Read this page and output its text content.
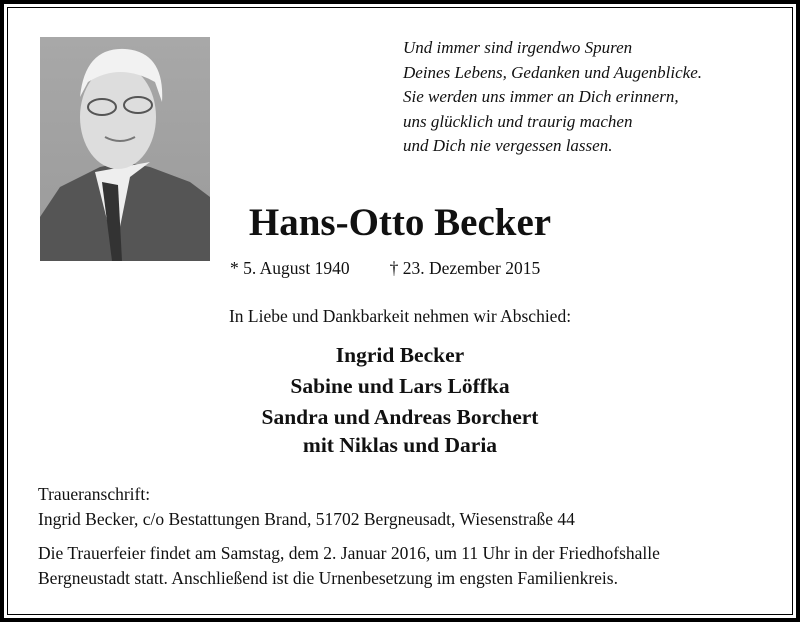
Und immer sind irgendwo Spuren
Deines Lebens, Gedanken und Augenblicke.
Sie werden uns immer an Dich erinnern,
uns glücklich und traurig machen
und Dich nie vergessen lassen.
Hans-Otto Becker
* 5. August 1940 † 23. Dezember 2015
In Liebe und Dankbarkeit nehmen wir Abschied:
Ingrid Becker
Sabine und Lars Löffka
Sandra und Andreas Borchert
mit Niklas und Daria

Traueranschrift:
Ingrid Becker, c/o Bestattungen Brand, 51702 Bergneusadt, Wiesenstraße 44

Die Trauerfeier findet am Samstag, dem 2. Januar 2016, um 11 Uhr in der Friedhofshalle
Bergneustadt statt. Anschließend ist die Urnenbesetzung im engsten Familienkreis.
